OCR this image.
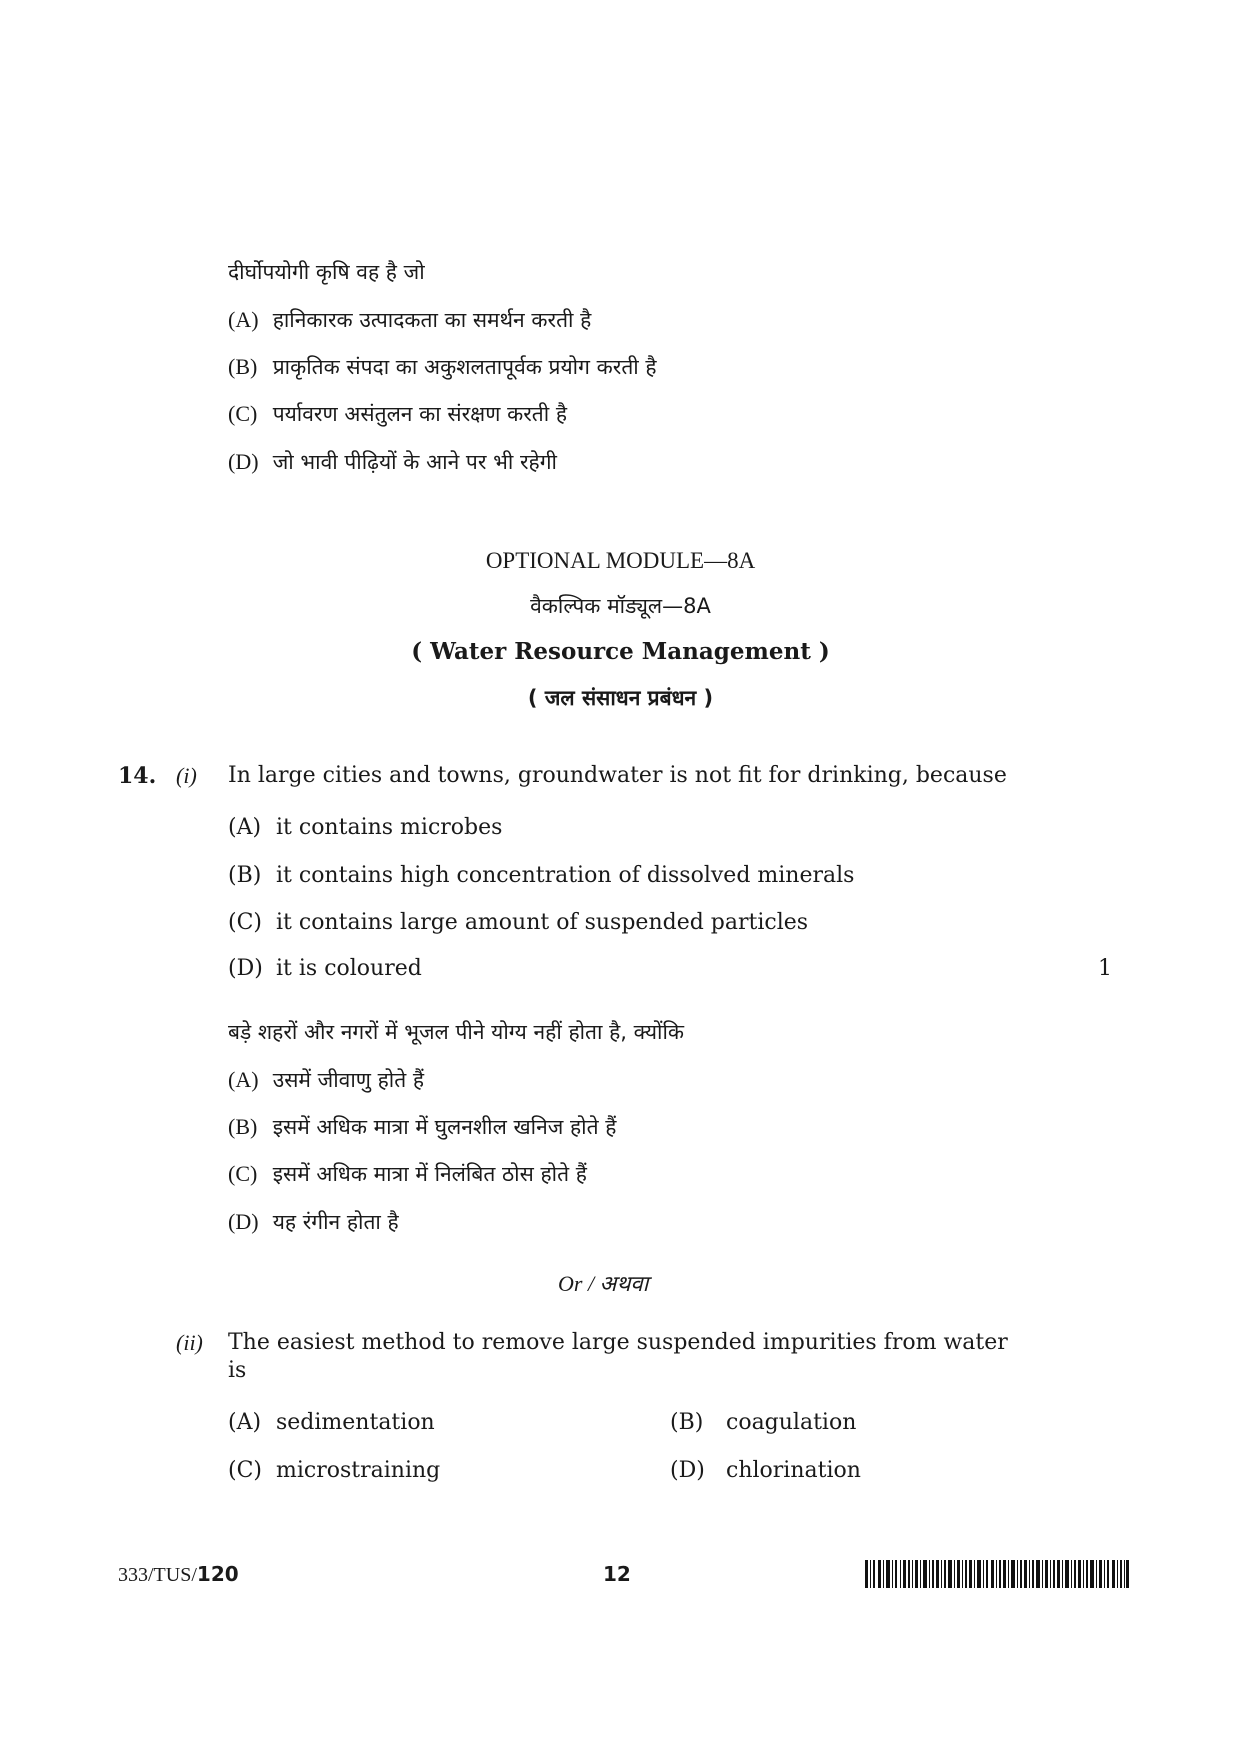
दीर्घोपयोगी कृषि वह है जो
(A) हानिकारक उत्पादकता का समर्थन करती है
(B) प्राकृतिक संपदा का अकुशलतापूर्वक प्रयोग करती है
(C) पर्यावरण असंतुलन का संरक्षण करती है
(D) जो भावी पीढ़ियों के आने पर भी रहेगी
OPTIONAL MODULE—8A
वैकल्पिक मॉड्यूल—8A
( Water Resource Management )
( जल संसाधन प्रबंधन )
14. (i) In large cities and towns, groundwater is not fit for drinking, because
(A) it contains microbes
(B) it contains high concentration of dissolved minerals
(C) it contains large amount of suspended particles
(D) it is coloured	1
बड़े शहरों और नगरों में भूजल पीने योग्य नहीं होता है, क्योंकि
(A) उसमें जीवाणु होते हैं
(B) इसमें अधिक मात्रा में घुलनशील खनिज होते हैं
(C) इसमें अधिक मात्रा में निलंबित ठोस होते हैं
(D) यह रंगीन होता है
Or / अथवा
(ii) The easiest method to remove large suspended impurities from water
is
(A) sedimentation	(B) coagulation
(C) microstraining	(D) chlorination
333/TUS/120	12
